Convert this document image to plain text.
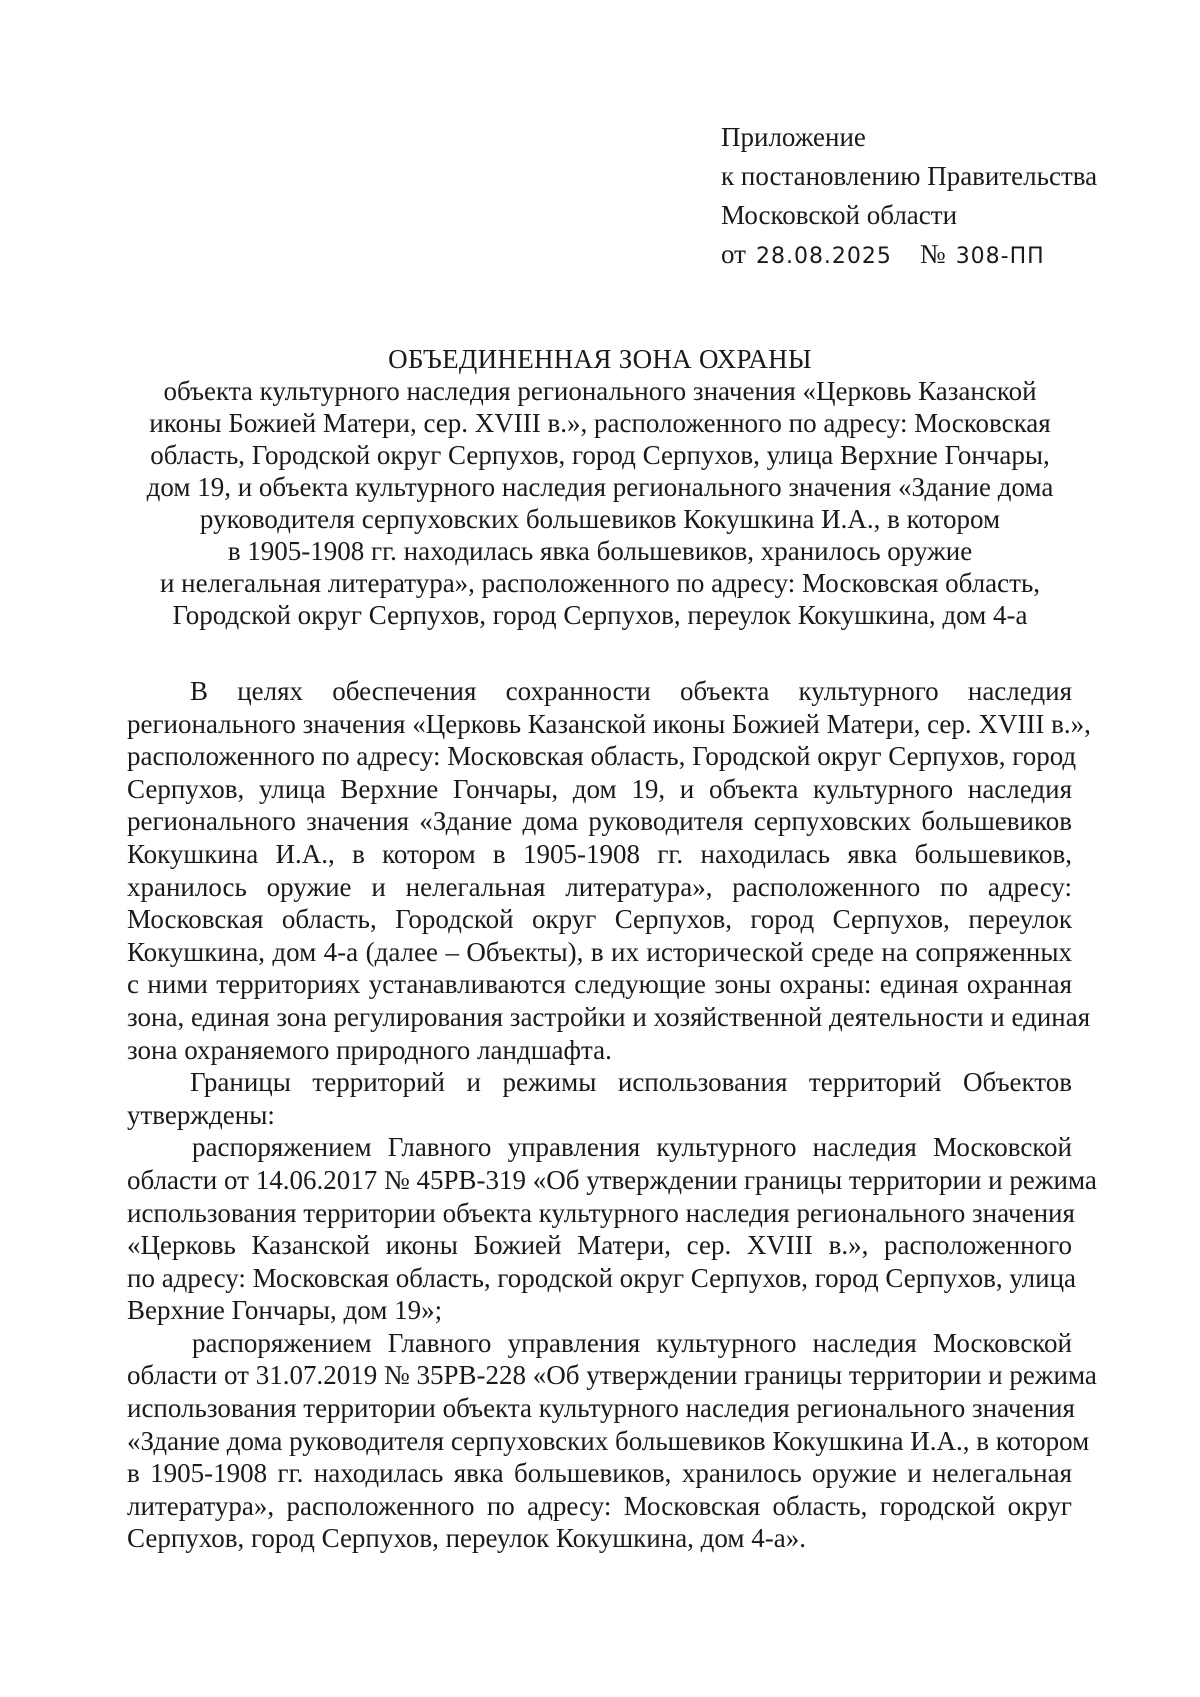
Приложение
к постановлению Правительства
Московской области
от 28.08.2025 № 308-ПП
ОБЪЕДИНЕННАЯ ЗОНА ОХРАНЫ
объекта культурного наследия регионального значения «Церковь Казанской
иконы Божией Матери, сер. XVIII в.», расположенного по адресу: Московская
область, Городской округ Серпухов, город Серпухов, улица Верхние Гончары,
дом 19, и объекта культурного наследия регионального значения «Здание дома
руководителя серпуховских большевиков Кокушкина И.А., в котором
в 1905-1908 гг. находилась явка большевиков, хранилось оружие
и нелегальная литература», расположенного по адресу: Московская область,
Городской округ Серпухов, город Серпухов, переулок Кокушкина, дом 4-а
В целях обеспечения сохранности объекта культурного наследия
регионального значения «Церковь Казанской иконы Божией Матери, сер. XVIII в.»,
расположенного по адресу: Московская область, Городской округ Серпухов, город
Серпухов, улица Верхние Гончары, дом 19, и объекта культурного наследия
регионального значения «Здание дома руководителя серпуховских большевиков
Кокушкина И.А., в котором в 1905-1908 гг. находилась явка большевиков,
хранилось оружие и нелегальная литература», расположенного по адресу:
Московская область, Городской округ Серпухов, город Серпухов, переулок
Кокушкина, дом 4-а (далее – Объекты), в их исторической среде на сопряженных
с ними территориях устанавливаются следующие зоны охраны: единая охранная
зона, единая зона регулирования застройки и хозяйственной деятельности и единая
зона охраняемого природного ландшафта.
Границы территорий и режимы использования территорий Объектов
утверждены:
распоряжением Главного управления культурного наследия Московской
области от 14.06.2017 № 45РВ-319 «Об утверждении границы территории и режима
использования территории объекта культурного наследия регионального значения
«Церковь Казанской иконы Божией Матери, сер. XVIII в.», расположенного
по адресу: Московская область, городской округ Серпухов, город Серпухов, улица
Верхние Гончары, дом 19»;
распоряжением Главного управления культурного наследия Московской
области от 31.07.2019 № 35РВ-228 «Об утверждении границы территории и режима
использования территории объекта культурного наследия регионального значения
«Здание дома руководителя серпуховских большевиков Кокушкина И.А., в котором
в 1905-1908 гг. находилась явка большевиков, хранилось оружие и нелегальная
литература», расположенного по адресу: Московская область, городской округ
Серпухов, город Серпухов, переулок Кокушкина, дом 4-а».
